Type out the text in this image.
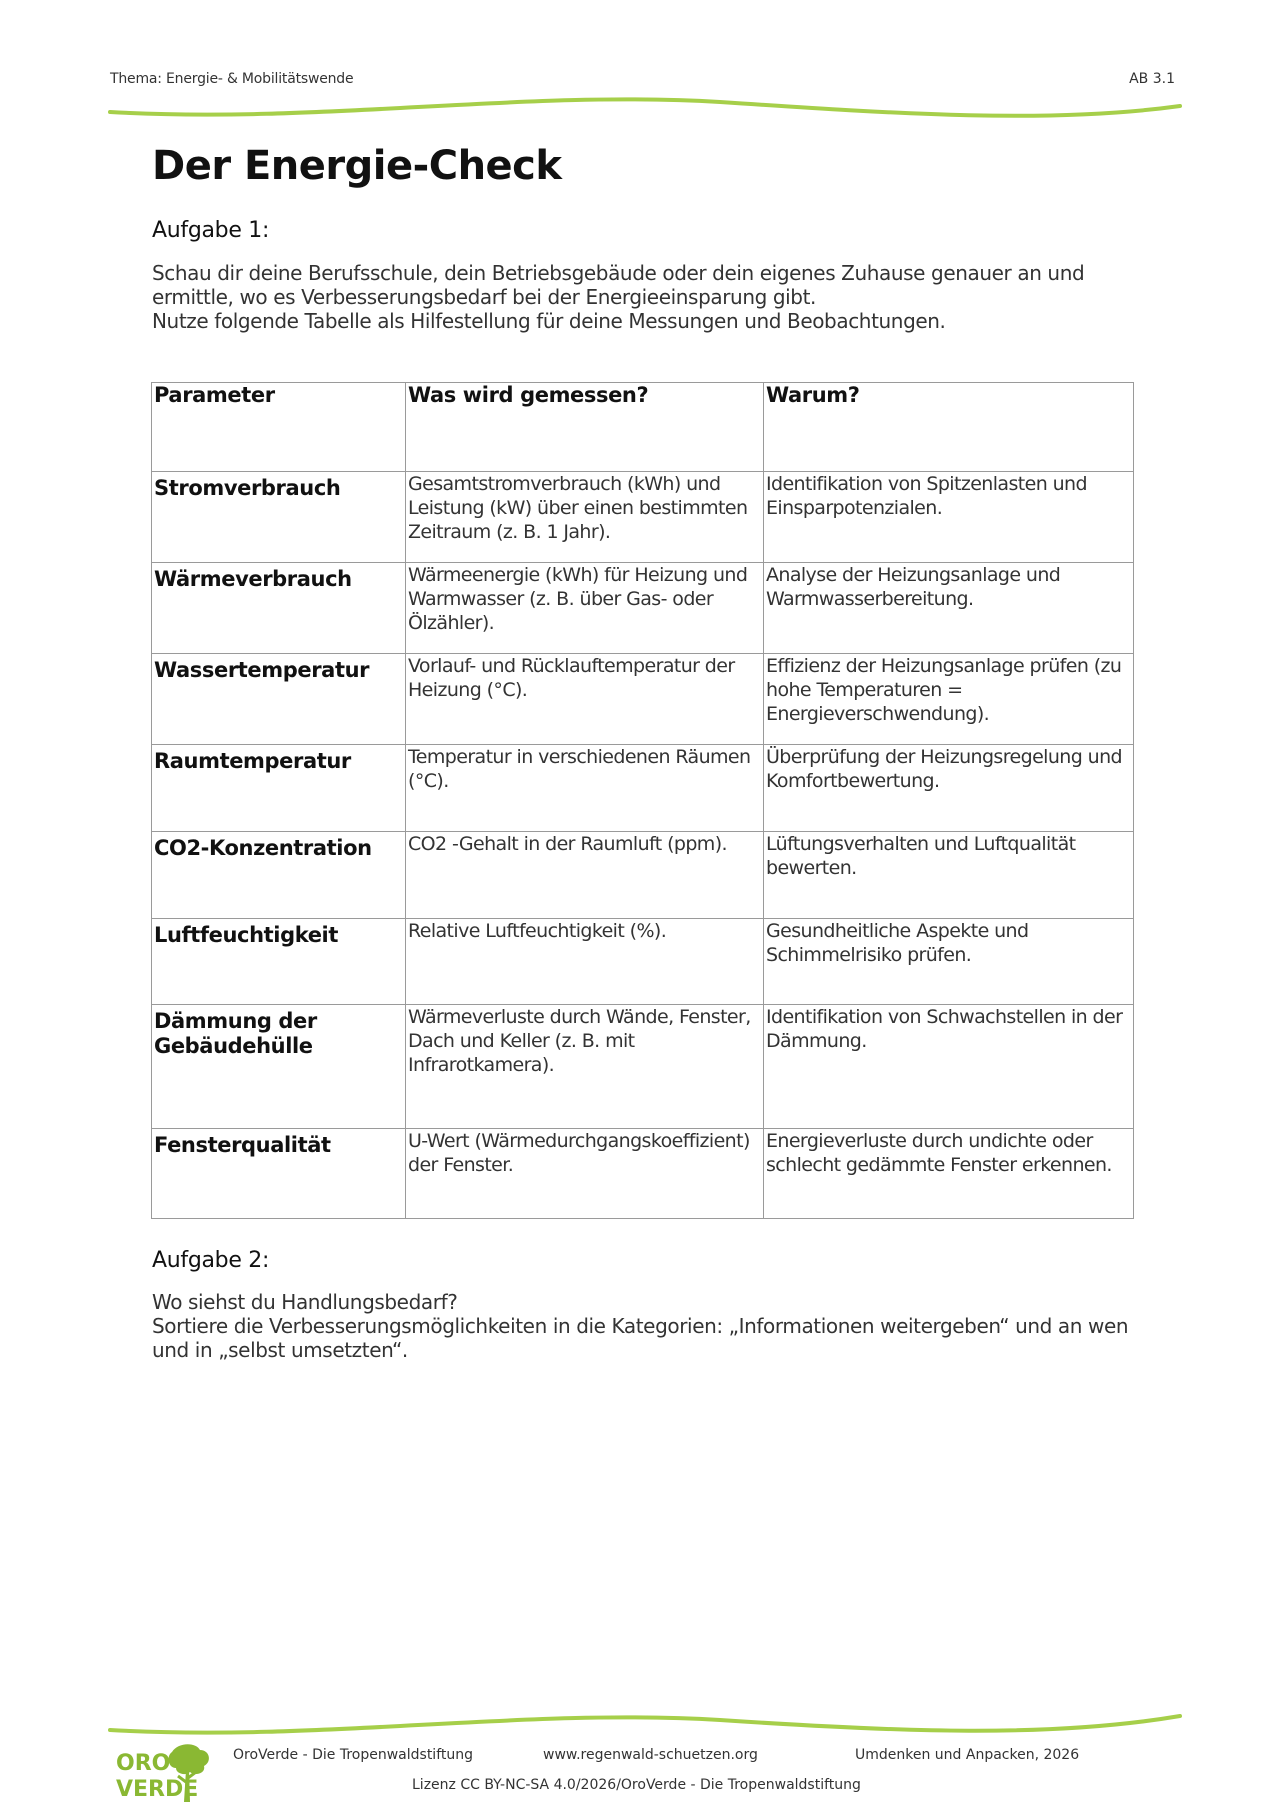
Thema: Energie- & Mobilitätswende	AB 3.1
Der Energie-Check
Aufgabe 1:
Schau dir deine Berufsschule, dein Betriebsgebäude oder dein eigenes Zuhause genauer an und
ermittle, wo es Verbesserungsbedarf bei der Energieeinsparung gibt.
Nutze folgende Tabelle als Hilfestellung für deine Messungen und Beobachtungen.
Parameter	Was wird gemessen?	Warum?
Stromverbrauch	Gesamtstromverbrauch (kWh) und Leistung (kW) über einen bestimmten Zeitraum (z. B. 1 Jahr).	Identifikation von Spitzenlasten und Einsparpotenzialen.
Wärmeverbrauch	Wärmeenergie (kWh) für Heizung und Warmwasser (z. B. über Gas- oder Ölzähler).	Analyse der Heizungsanlage und Warmwasserbereitung.
Wassertemperatur	Vorlauf- und Rücklauftemperatur der Heizung (°C).	Effizienz der Heizungsanlage prüfen (zu hohe Temperaturen = Energieverschwendung).
Raumtemperatur	Temperatur in verschiedenen Räumen (°C).	Überprüfung der Heizungsregelung und Komfortbewertung.
CO2-Konzentration	CO2 -Gehalt in der Raumluft (ppm).	Lüftungsverhalten und Luftqualität bewerten.
Luftfeuchtigkeit	Relative Luftfeuchtigkeit (%).	Gesundheitliche Aspekte und Schimmelrisiko prüfen.
Dämmung der Gebäudehülle	Wärmeverluste durch Wände, Fenster, Dach und Keller (z. B. mit Infrarotkamera).	Identifikation von Schwachstellen in der Dämmung.
Fensterqualität	U-Wert (Wärmedurchgangskoeffizient) der Fenster.	Energieverluste durch undichte oder schlecht gedämmte Fenster erkennen.
Aufgabe 2:
Wo siehst du Handlungsbedarf?
Sortiere die Verbesserungsmöglichkeiten in die Kategorien: „Informationen weitergeben“ und an wen
und in „selbst umsetzten“.
ORO
VERDE
OroVerde - Die Tropenwaldstiftung	www.regenwald-schuetzen.org	Umdenken und Anpacken, 2026
Lizenz CC BY-NC-SA 4.0/2026/OroVerde - Die Tropenwaldstiftung
